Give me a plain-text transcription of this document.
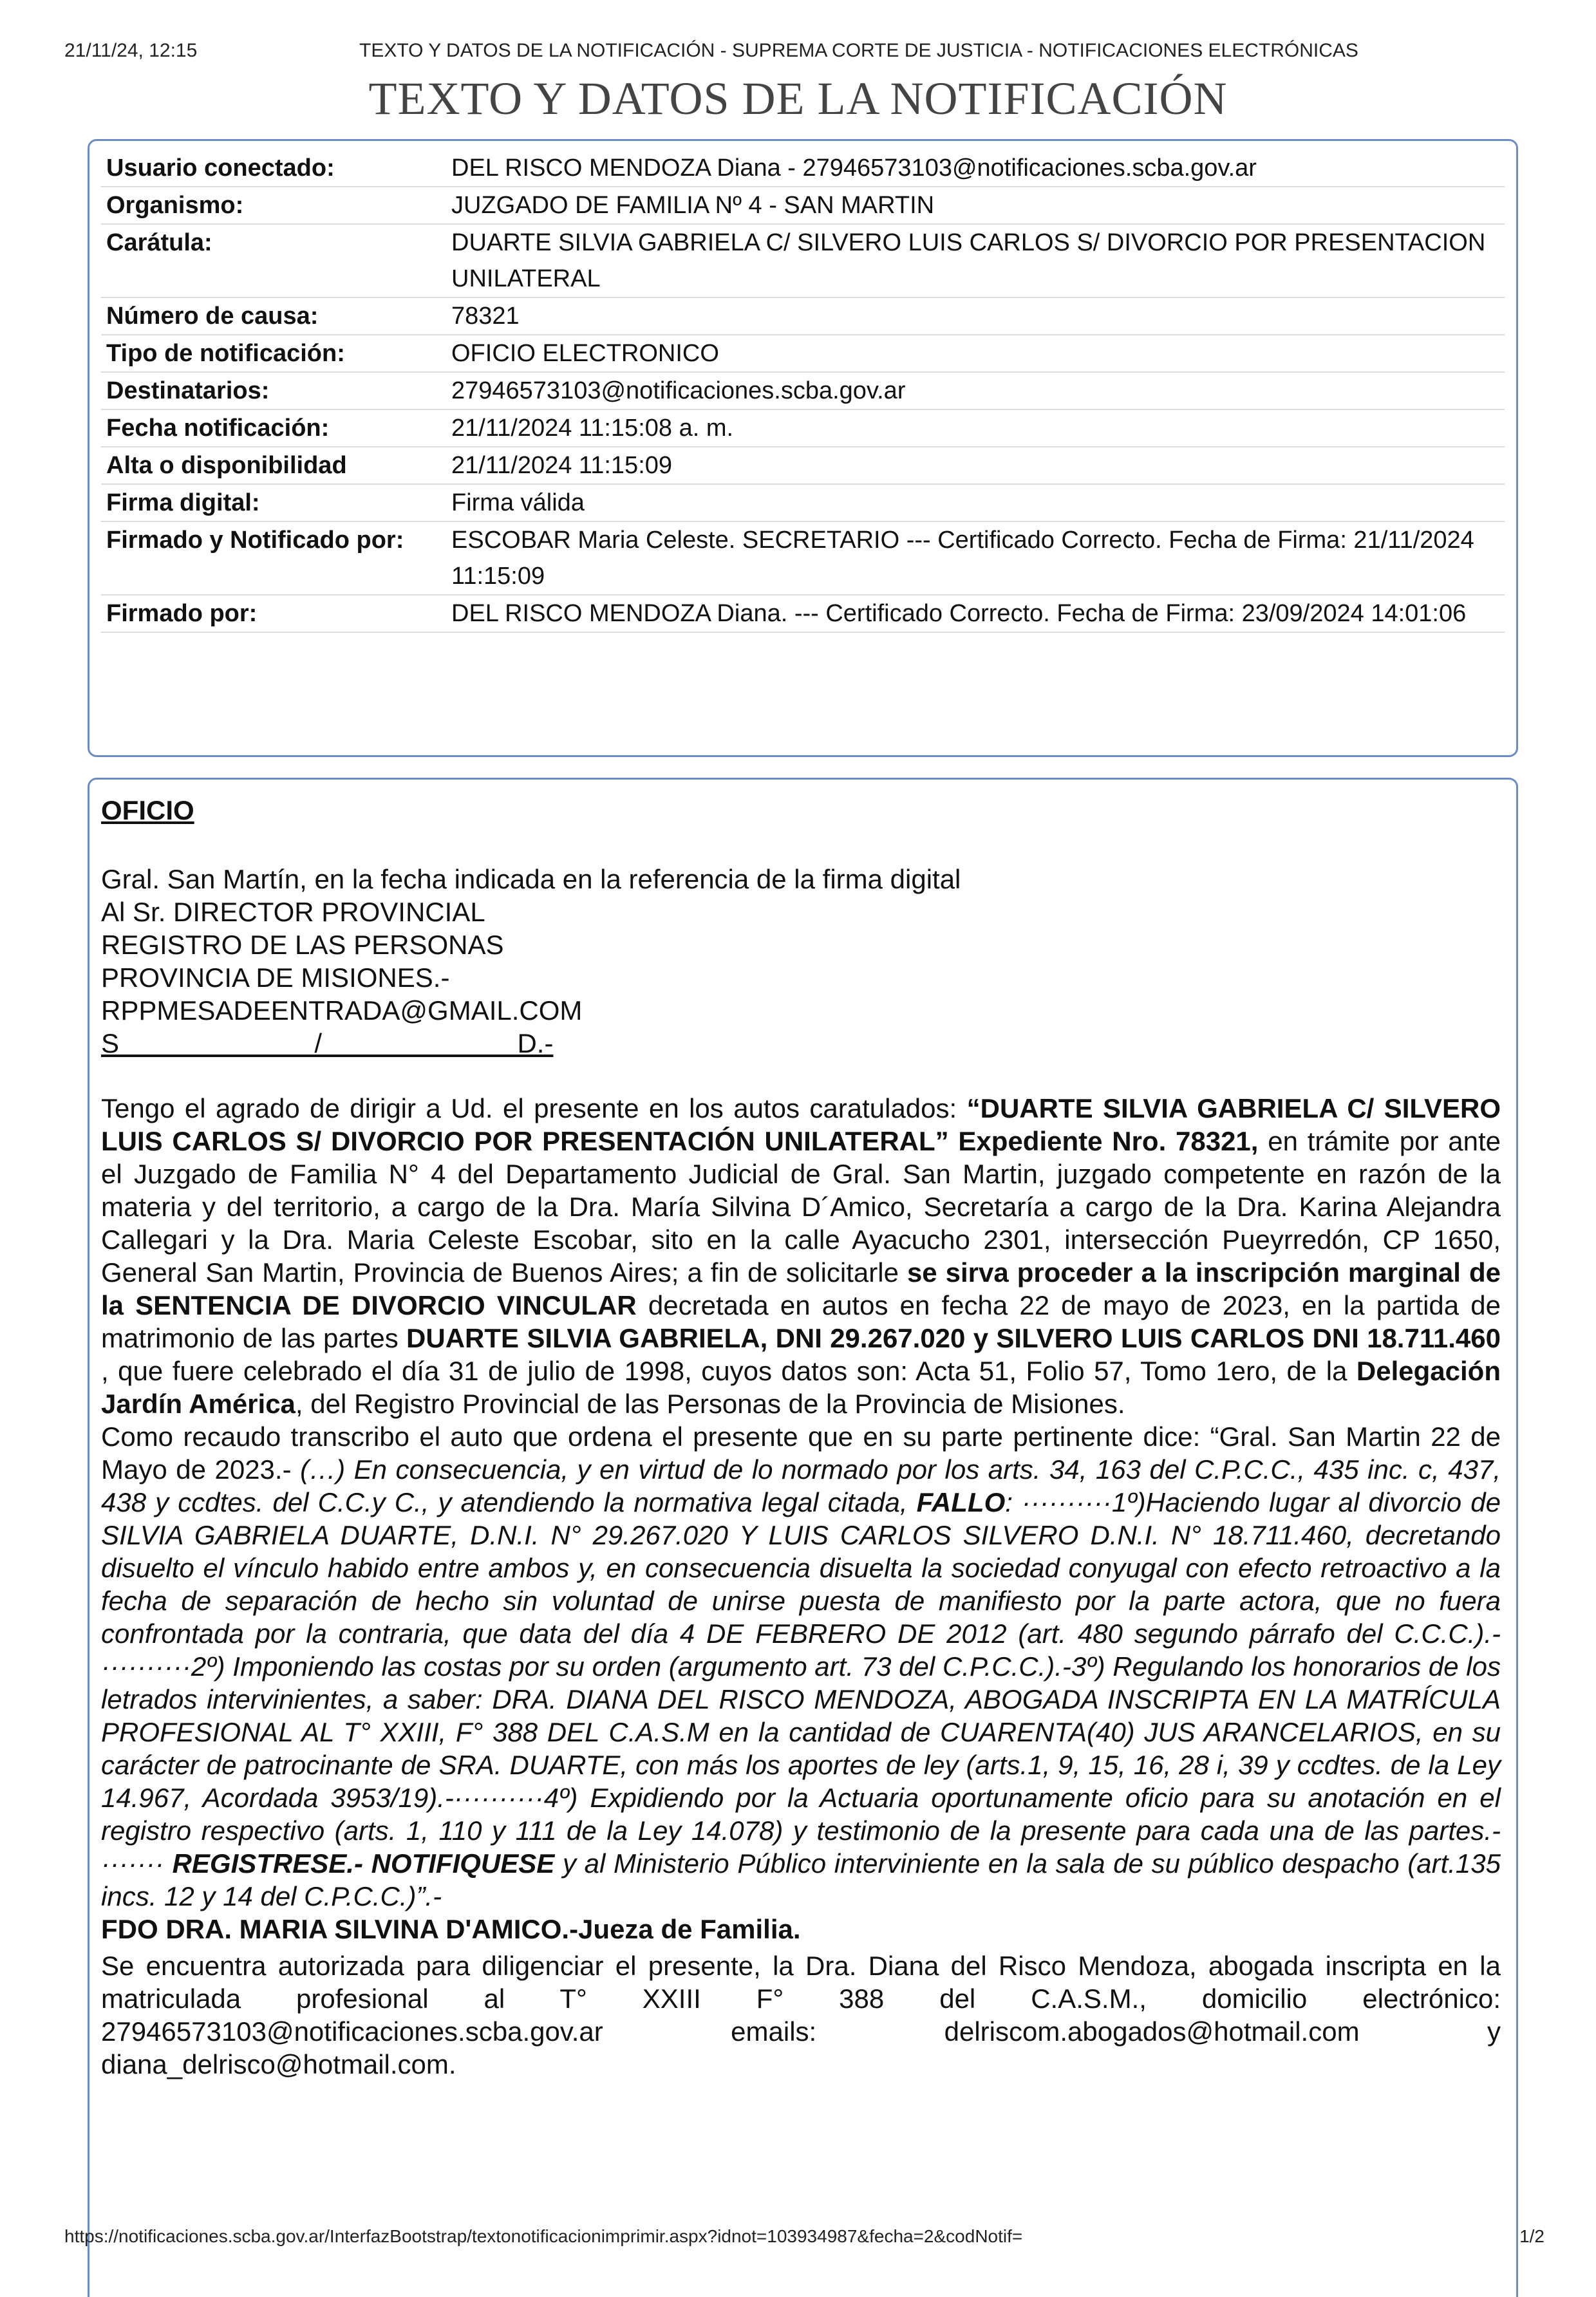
21/11/24, 12:15	TEXTO Y DATOS DE LA NOTIFICACIÓN - SUPREMA CORTE DE JUSTICIA - NOTIFICACIONES ELECTRÓNICAS
TEXTO Y DATOS DE LA NOTIFICACIÓN
Usuario conectado:	DEL RISCO MENDOZA Diana - 27946573103@notificaciones.scba.gov.ar
Organismo:	JUZGADO DE FAMILIA Nº 4 - SAN MARTIN
Carátula:	DUARTE SILVIA GABRIELA C/ SILVERO LUIS CARLOS S/ DIVORCIO POR PRESENTACION UNILATERAL
Número de causa:	78321
Tipo de notificación:	OFICIO ELECTRONICO
Destinatarios:	27946573103@notificaciones.scba.gov.ar
Fecha notificación:	21/11/2024 11:15:08 a. m.
Alta o disponibilidad	21/11/2024 11:15:09
Firma digital:	Firma válida
Firmado y Notificado por:	ESCOBAR Maria Celeste. SECRETARIO --- Certificado Correcto. Fecha de Firma: 21/11/2024 11:15:09
Firmado por:	DEL RISCO MENDOZA Diana. --- Certificado Correcto. Fecha de Firma: 23/09/2024 14:01:06
OFICIO

Gral. San Martín, en la fecha indicada en la referencia de la firma digital

Al Sr. DIRECTOR PROVINCIAL

REGISTRO DE LAS PERSONAS

PROVINCIA DE MISIONES.-

RPPMESADEENTRADA@GMAIL.COM

S                          /                          D.-

Tengo el agrado de dirigir a Ud. el presente en los autos caratulados: “DUARTE SILVIA GABRIELA C/ SILVERO LUIS CARLOS S/ DIVORCIO POR PRESENTACIÓN UNILATERAL” Expediente Nro. 78321, en trámite por ante el Juzgado de Familia N° 4 del Departamento Judicial de Gral. San Martin, juzgado competente en razón de la materia y del territorio, a cargo de la Dra. María Silvina D´Amico, Secretaría a cargo de la Dra. Karina Alejandra Callegari y la Dra. Maria Celeste Escobar, sito en la calle Ayacucho 2301, intersección Pueyrredón, CP 1650, General San Martin, Provincia de Buenos Aires; a fin de solicitarle se sirva proceder a la inscripción marginal de la SENTENCIA DE DIVORCIO VINCULAR decretada en autos en fecha 22 de mayo de 2023, en la partida de matrimonio de las partes DUARTE SILVIA GABRIELA, DNI 29.267.020 y SILVERO LUIS CARLOS DNI 18.711.460 , que fuere celebrado el día 31 de julio de 1998, cuyos datos son: Acta 51, Folio 57, Tomo 1ero, de la Delegación Jardín América, del Registro Provincial de las Personas de la Provincia de Misiones.

Como recaudo transcribo el auto que ordena el presente que en su parte pertinente dice: “Gral. San Martin 22 de Mayo de 2023.- (…) En consecuencia, y en virtud de lo normado por los arts. 34, 163 del C.P.C.C., 435 inc. c, 437, 438 y ccdtes. del C.C.y C., y atendiendo la normativa legal citada, FALLO: ··········1º)Haciendo lugar al divorcio de SILVIA GABRIELA DUARTE, D.N.I. N° 29.267.020 Y LUIS CARLOS SILVERO D.N.I. N° 18.711.460, decretando disuelto el vínculo habido entre ambos y, en consecuencia disuelta la sociedad conyugal con efecto retroactivo a la fecha de separación de hecho sin voluntad de unirse puesta de manifiesto por la parte actora, que no fuera confrontada por la contraria, que data del día 4 DE FEBRERO DE 2012 (art. 480 segundo párrafo del C.C.C.).- ··········2º) Imponiendo las costas por su orden (argumento art. 73 del C.P.C.C.).-3º) Regulando los honorarios de los letrados intervinientes, a saber: DRA. DIANA DEL RISCO MENDOZA, ABOGADA INSCRIPTA EN LA MATRÍCULA PROFESIONAL AL T° XXIII, F° 388 DEL C.A.S.M en la cantidad de CUARENTA(40) JUS ARANCELARIOS, en su carácter de patrocinante de SRA. DUARTE, con más los aportes de ley (arts.1, 9, 15, 16, 28 i, 39 y ccdtes. de la Ley 14.967, Acordada 3953/19).-··········4º) Expidiendo por la Actuaria oportunamente oficio para su anotación en el registro respectivo (arts. 1, 110 y 111 de la Ley 14.078) y testimonio de la presente para cada una de las partes.-······· REGISTRESE.- NOTIFIQUESE y al Ministerio Público interviniente en la sala de su público despacho (art.135 incs. 12 y 14 del C.P.C.C.)”.-

FDO DRA. MARIA SILVINA D'AMICO.-Jueza de Familia.

Se encuentra autorizada para diligenciar el presente, la Dra. Diana del Risco Mendoza, abogada inscripta en la matriculada profesional al T° XXIII F° 388 del C.A.S.M., domicilio electrónico: 27946573103@notificaciones.scba.gov.ar emails: delriscom.abogados@hotmail.com y diana_delrisco@hotmail.com.

https://notificaciones.scba.gov.ar/InterfazBootstrap/textonotificacionimprimir.aspx?idnot=103934987&fecha=2&codNotif=	1/2
